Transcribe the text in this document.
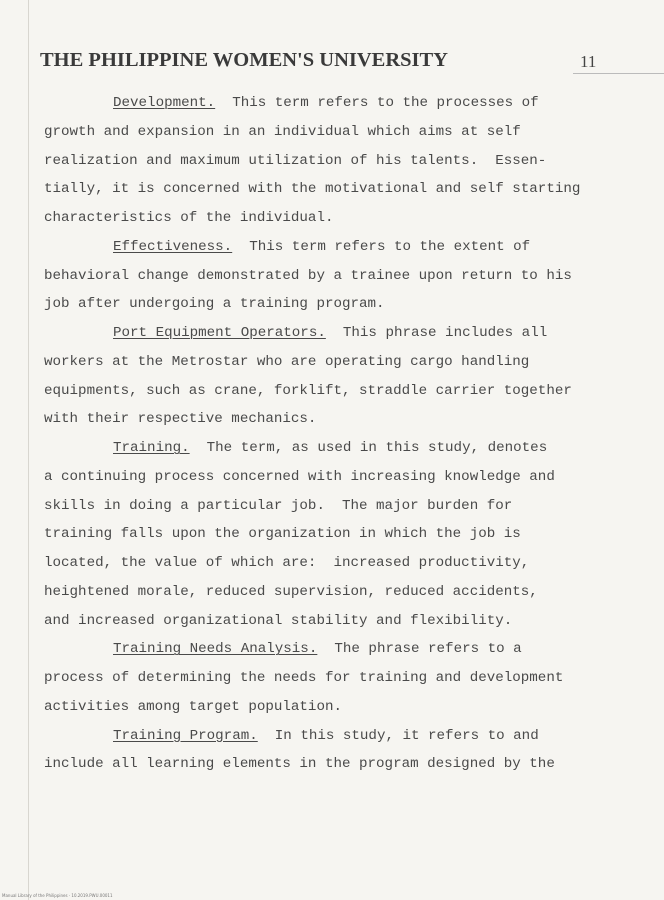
THE PHILIPPINE WOMEN'S UNIVERSITY	11
Development.  This term refers to the processes of
growth and expansion in an individual which aims at self
realization and maximum utilization of his talents.  Essen-
tially, it is concerned with the motivational and self starting
characteristics of the individual.
Effectiveness.  This term refers to the extent of
behavioral change demonstrated by a trainee upon return to his
job after undergoing a training program.
Port Equipment Operators.  This phrase includes all
workers at the Metrostar who are operating cargo handling
equipments, such as crane, forklift, straddle carrier together
with their respective mechanics.
Training.  The term, as used in this study, denotes
a continuing process concerned with increasing knowledge and
skills in doing a particular job.  The major burden for
training falls upon the organization in which the job is
located, the value of which are:  increased productivity,
heightened morale, reduced supervision, reduced accidents,
and increased organizational stability and flexibility.
Training Needs Analysis.  The phrase refers to a
process of determining the needs for training and development
activities among target population.
Training Program.  In this study, it refers to and
include all learning elements in the program designed by the
Manual Library of the Philippines · 10.2019.PWU.00011
